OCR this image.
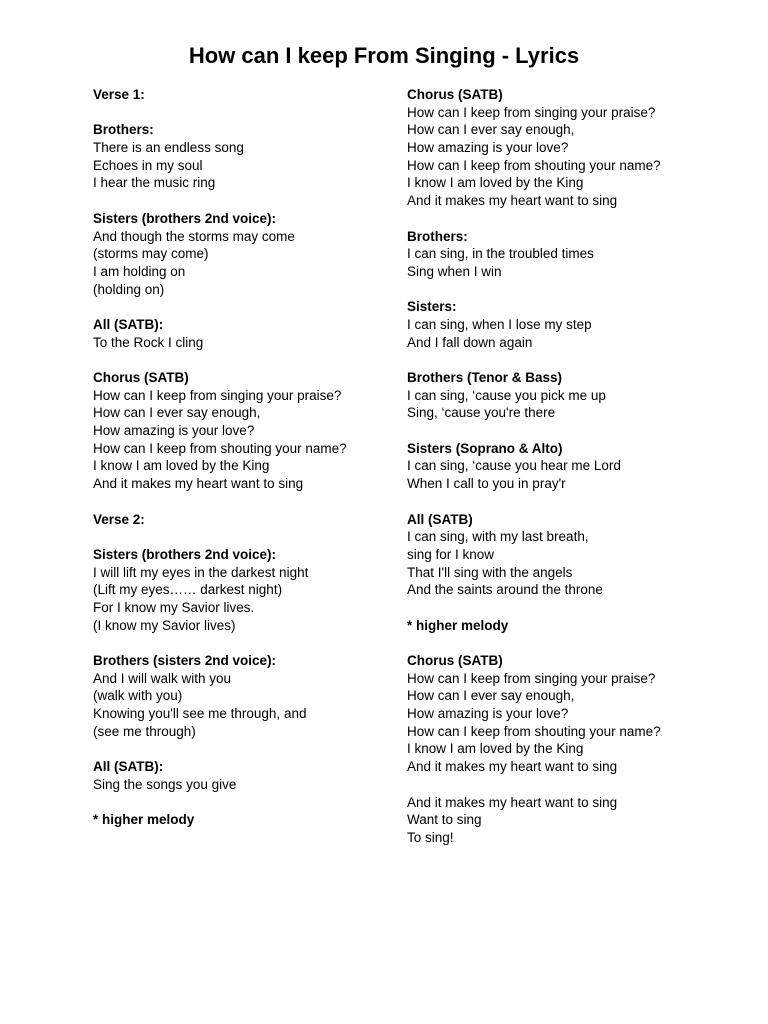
How can I keep From Singing - Lyrics
Verse 1:
Brothers:
There is an endless song
Echoes in my soul
I hear the music ring
Sisters (brothers 2nd voice):
And though the storms may come
(storms may come)
I am holding on
(holding on)
All (SATB):
To the Rock I cling
Chorus (SATB)
How can I keep from singing your praise?
How can I ever say enough,
How amazing is your love?
How can I keep from shouting your name?
I know I am loved by the King
And it makes my heart want to sing
Verse 2:
Sisters (brothers 2nd voice):
I will lift my eyes in the darkest night
(Lift my eyes…… darkest night)
For I know my Savior lives.
(I know my Savior lives)
Brothers (sisters 2nd voice):
And I will walk with you
(walk with you)
Knowing you'll see me through, and
(see me through)
All (SATB):
Sing the songs you give
* higher melody
Chorus (SATB)
How can I keep from singing your praise?
How can I ever say enough,
How amazing is your love?
How can I keep from shouting your name?
I know I am loved by the King
And it makes my heart want to sing
Brothers:
I can sing, in the troubled times
Sing when I win
Sisters:
I can sing, when I lose my step
And I fall down again
Brothers (Tenor & Bass)
I can sing, ‘cause you pick me up
Sing, ‘cause you're there
Sisters (Soprano & Alto)
I can sing, ‘cause you hear me Lord
When I call to you in pray'r
All (SATB)
I can sing, with my last breath,
sing for I know
That I'll sing with the angels
And the saints around the throne
* higher melody
Chorus (SATB)
How can I keep from singing your praise?
How can I ever say enough,
How amazing is your love?
How can I keep from shouting your name?
I know I am loved by the King
And it makes my heart want to sing
And it makes my heart want to sing
Want to sing
To sing!
